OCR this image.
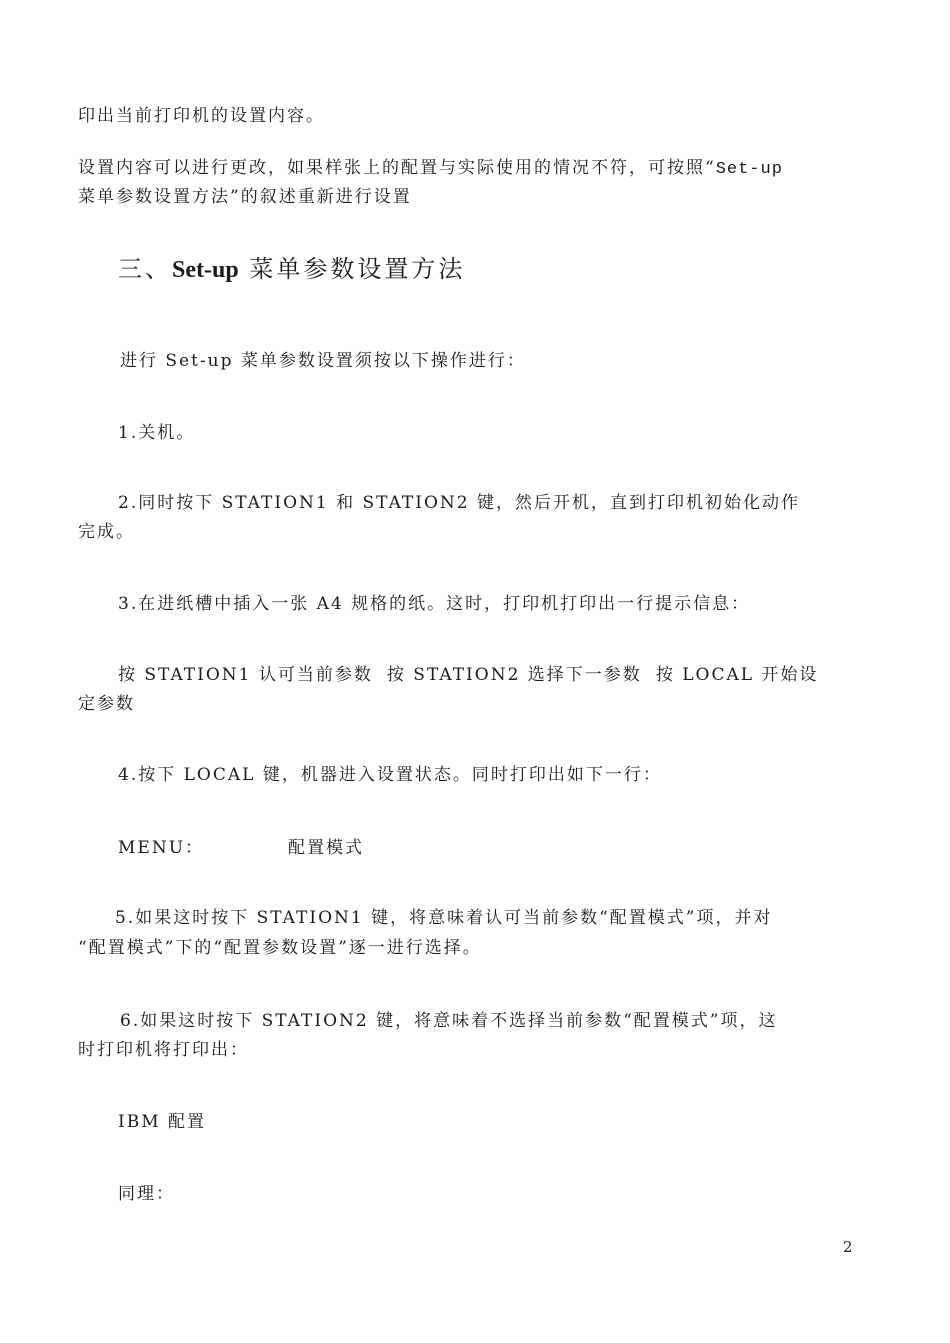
印出当前打印机的设置内容。
设置内容可以进行更改，如果样张上的配置与实际使用的情况不符，可按照“Set-up
菜单参数设置方法”的叙述重新进行设置
三、Set-up 菜单参数设置方法
进行 Set-up 菜单参数设置须按以下操作进行：
1.关机。
2.同时按下 STATION1 和 STATION2 键，然后开机，直到打印机初始化动作
完成。
3.在进纸槽中插入一张 A4 规格的纸。这时，打印机打印出一行提示信息：
按 STATION1 认可当前参数 按 STATION2 选择下一参数 按 LOCAL 开始设
定参数
4.按下 LOCAL 键，机器进入设置状态。同时打印出如下一行：
MENU：	配置模式
5.如果这时按下 STATION1 键，将意味着认可当前参数“配置模式”项，并对
“配置模式”下的“配置参数设置”逐一进行选择。
6.如果这时按下 STATION2 键，将意味着不选择当前参数“配置模式”项，这
时打印机将打印出：
IBM 配置
同理：
2
